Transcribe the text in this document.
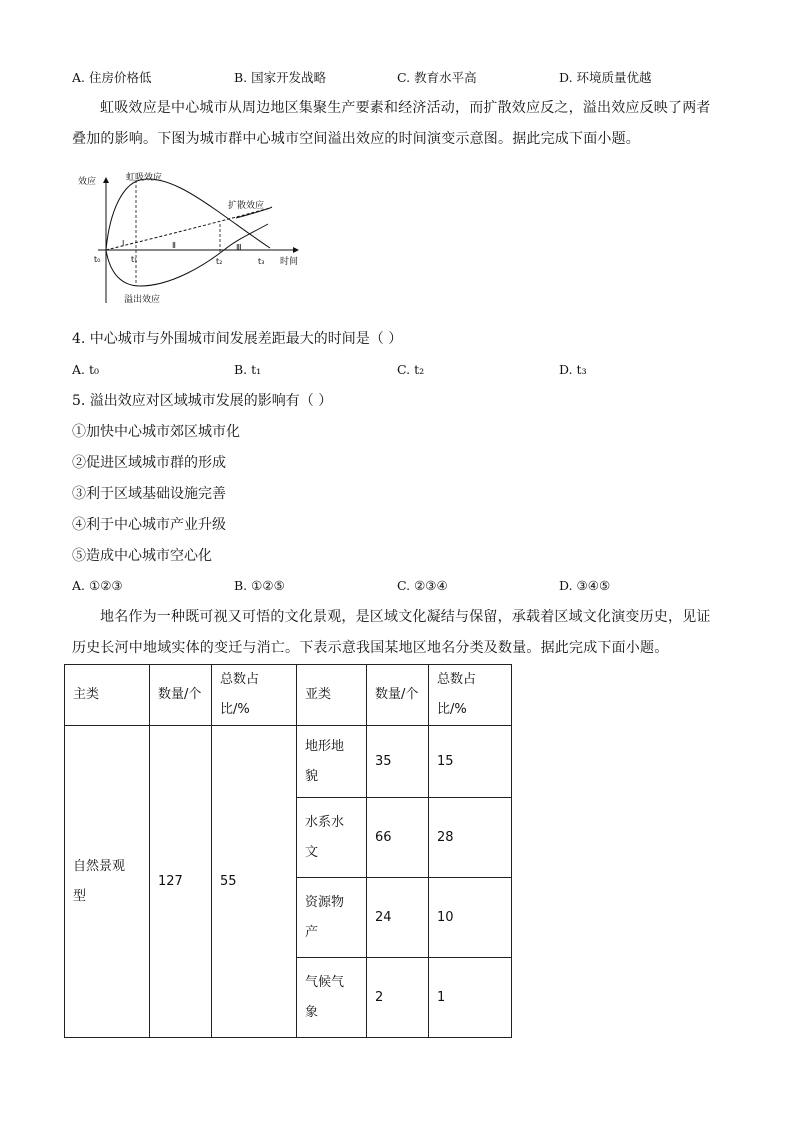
A. 住房价格低	B. 国家开发战略	C. 教育水平高	D. 环境质量优越
虹吸效应是中心城市从周边地区集聚生产要素和经济活动，而扩散效应反之，溢出效应反映了两者叠加的影响。下图为城市群中心城市空间溢出效应的时间演变示意图。据此完成下面小题。
效应
时间
虹吸效应
扩散效应
溢出效应
Ⅰ	Ⅱ	Ⅲ
t₀	t₁	t₂	t₃
4. 中心城市与外围城市间发展差距最大的时间是（ ）
A. t₀	B. t₁	C. t₂	D. t₃
5. 溢出效应对区域城市发展的影响有（ ）
①加快中心城市郊区城市化
②促进区域城市群的形成
③利于区域基础设施完善
④利于中心城市产业升级
⑤造成中心城市空心化
A. ①②③	B. ①②⑤	C. ②③④	D. ③④⑤
地名作为一种既可视又可悟的文化景观，是区域文化凝结与保留，承载着区域文化演变历史，见证历史长河中地域实体的变迁与消亡。下表示意我国某地区地名分类及数量。据此完成下面小题。
主类	数量/个	总数占比/%	亚类	数量/个	总数占比/%

自然景观型	127	55	地形地貌	35	15

			水系水文	66	28

			资源物产	24	10

			气候气象	2	1
